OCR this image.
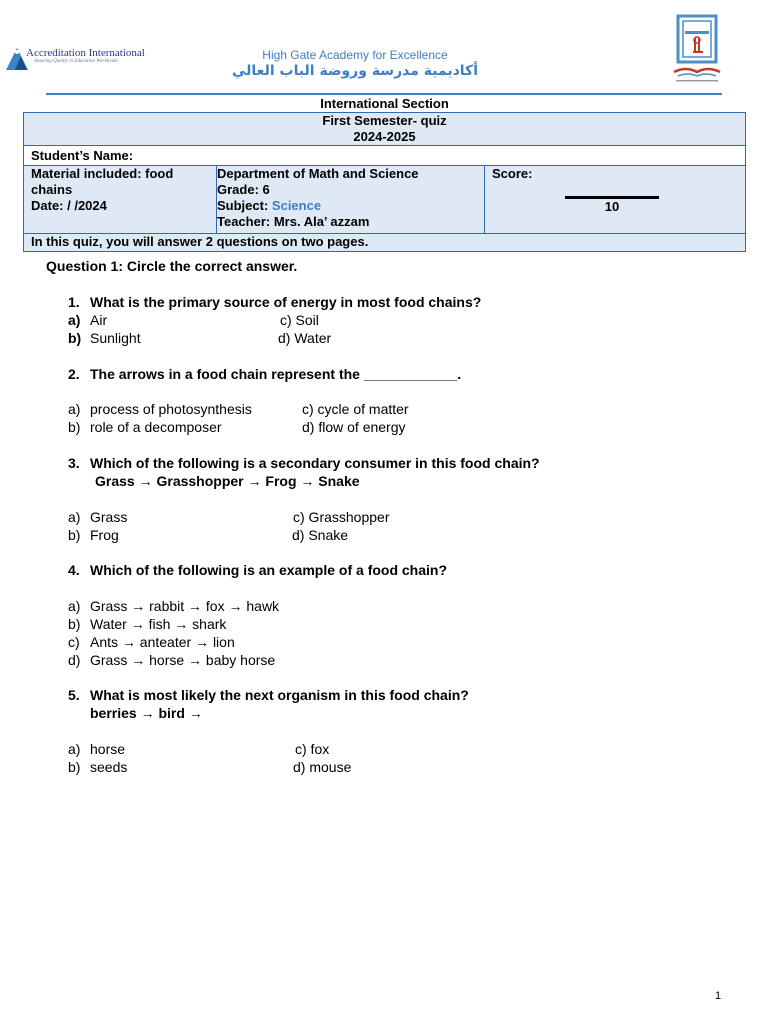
Accreditation International
Assuring Quality in Education Worldwide	High Gate Academy for Excellence
أكاديمية مدرسة وروضة الباب العالي
International Section

First Semester- quiz
2024-2025

Student’s Name:

Material included: food chains
Date: / /2024

Department of Math and Science
Grade: 6
Subject: Science
Teacher: Mrs. Ala’ azzam

Score:
10

In this quiz, you will answer 2 questions on two pages.
Question 1: Circle the correct answer.
1. What is the primary source of energy in most food chains?
a) Air
b) Sunlight
c) Soil
d) Water
2. The arrows in a food chain represent the ____________.
a) process of photosynthesis
b) role of a decomposer
c) cycle of matter
d) flow of energy
3. Which of the following is a secondary consumer in this food chain?
Grass → Grasshopper → Frog → Snake
a) Grass
b) Frog
c) Grasshopper
d) Snake
4. Which of the following is an example of a food chain?
a) Grass → rabbit → fox → hawk
b) Water → fish → shark
c) Ants → anteater → lion
d) Grass → horse → baby horse
5. What is most likely the next organism in this food chain?
berries → bird →
a) horse
b) seeds
c) fox
d) mouse
1
